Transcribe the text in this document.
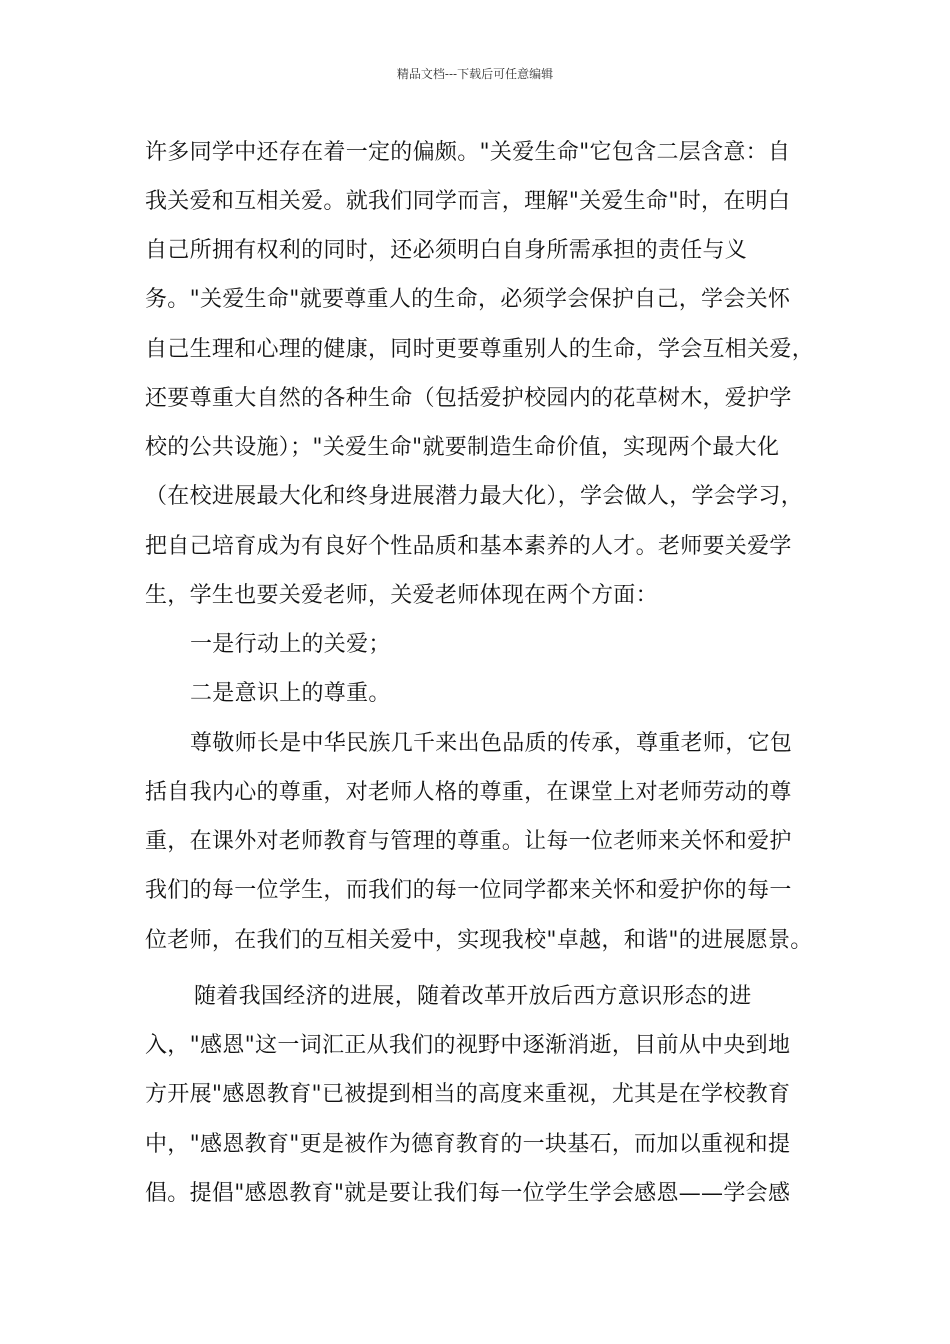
精品文档---下载后可任意编辑
许多同学中还存在着一定的偏颇。"关爱生命"它包含二层含意：自
我关爱和互相关爱。就我们同学而言，理解"关爱生命"时，在明白
自己所拥有权利的同时，还必须明白自身所需承担的责任与义
务。"关爱生命"就要尊重人的生命，必须学会保护自己，学会关怀
自己生理和心理的健康，同时更要尊重别人的生命，学会互相关爱，
还要尊重大自然的各种生命（包括爱护校园内的花草树木，爱护学
校的公共设施）；"关爱生命"就要制造生命价值，实现两个最大化
（在校进展最大化和终身进展潜力最大化），学会做人，学会学习，
把自己培育成为有良好个性品质和基本素养的人才。老师要关爱学
生，学生也要关爱老师，关爱老师体现在两个方面：
一是行动上的关爱；
二是意识上的尊重。
尊敬师长是中华民族几千来出色品质的传承，尊重老师，它包
括自我内心的尊重，对老师人格的尊重，在课堂上对老师劳动的尊
重，在课外对老师教育与管理的尊重。让每一位老师来关怀和爱护
我们的每一位学生，而我们的每一位同学都来关怀和爱护你的每一
位老师，在我们的互相关爱中，实现我校"卓越，和谐"的进展愿景。
随着我国经济的进展，随着改革开放后西方意识形态的进
入，"感恩"这一词汇正从我们的视野中逐渐消逝，目前从中央到地
方开展"感恩教育"已被提到相当的高度来重视，尤其是在学校教育
中，"感恩教育"更是被作为德育教育的一块基石，而加以重视和提
倡。提倡"感恩教育"就是要让我们每一位学生学会感恩——学会感
